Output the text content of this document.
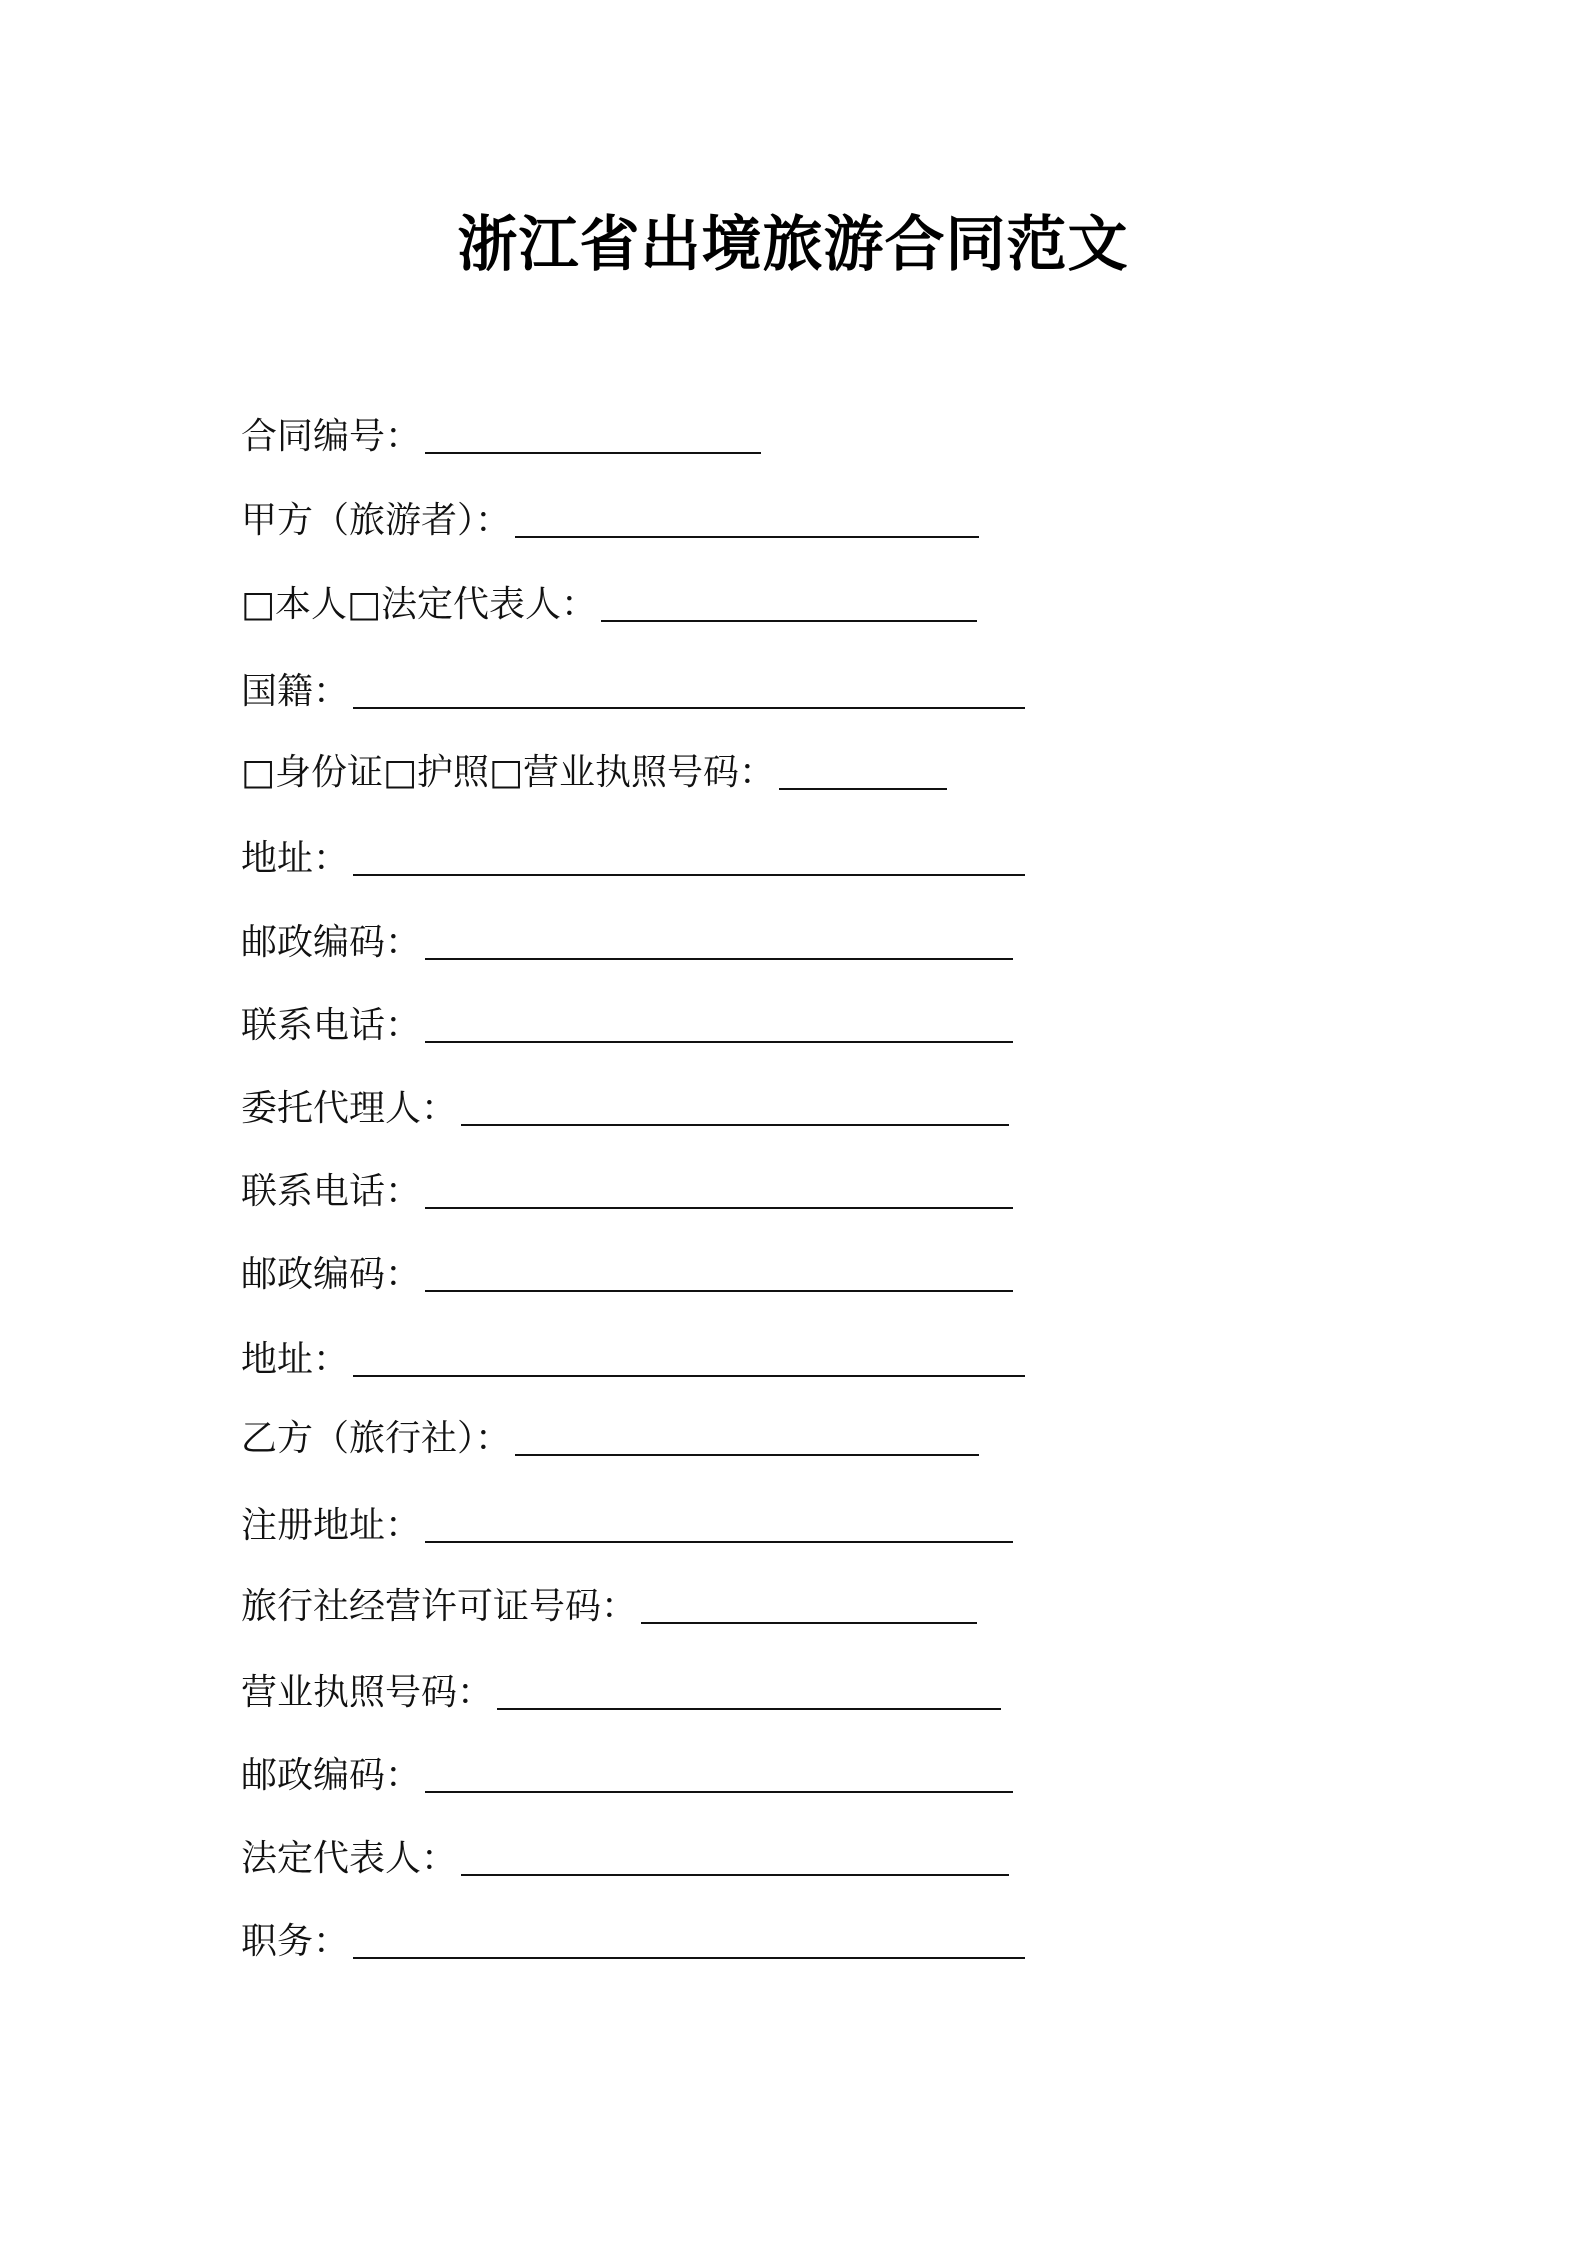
浙江省出境旅游合同范文
合同编号：
甲方（旅游者）：
□本人□法定代表人：
国籍：
□身份证□护照□营业执照号码：
地址：
邮政编码：
联系电话：
委托代理人：
联系电话：
邮政编码：
地址：
乙方（旅行社）：
注册地址：
旅行社经营许可证号码：
营业执照号码：
邮政编码：
法定代表人：
职务：
